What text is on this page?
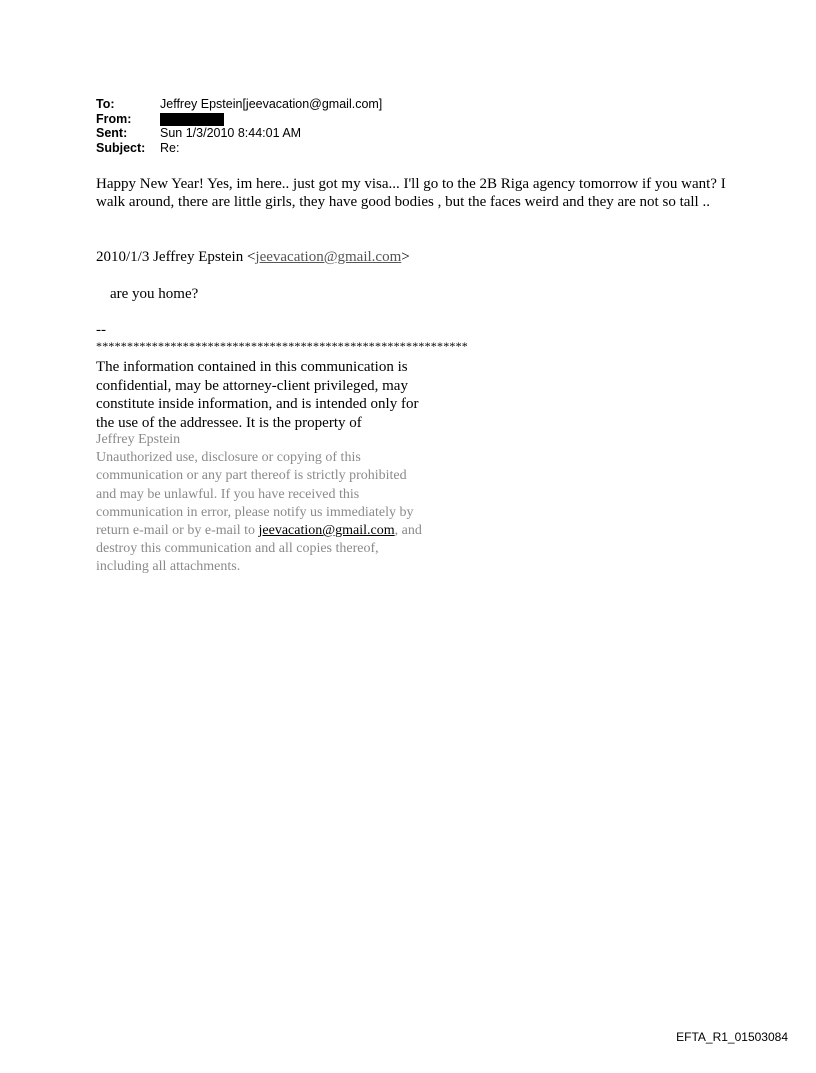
To:	Jeffrey Epstein[jeevacation@gmail.com]
From:
Sent:	Sun 1/3/2010 8:44:01 AM
Subject:	Re:
Happy New Year! Yes, im here.. just got my visa... I'll go to the 2B Riga agency tomorrow if you want? I walk around, there are little girls, they have good bodies , but the faces weird and they are not so tall ..
2010/1/3 Jeffrey Epstein <jeevacation@gmail.com>
are you home?
--
************************************************************
The information contained in this communication is
confidential, may be attorney-client privileged, may
constitute inside information, and is intended only for
the use of the addressee. It is the property of
Jeffrey Epstein
Unauthorized use, disclosure or copying of this
communication or any part thereof is strictly prohibited
and may be unlawful. If you have received this
communication in error, please notify us immediately by
return e-mail or by e-mail to jeevacation@gmail.com, and
destroy this communication and all copies thereof,
including all attachments.
EFTA_R1_01503084
